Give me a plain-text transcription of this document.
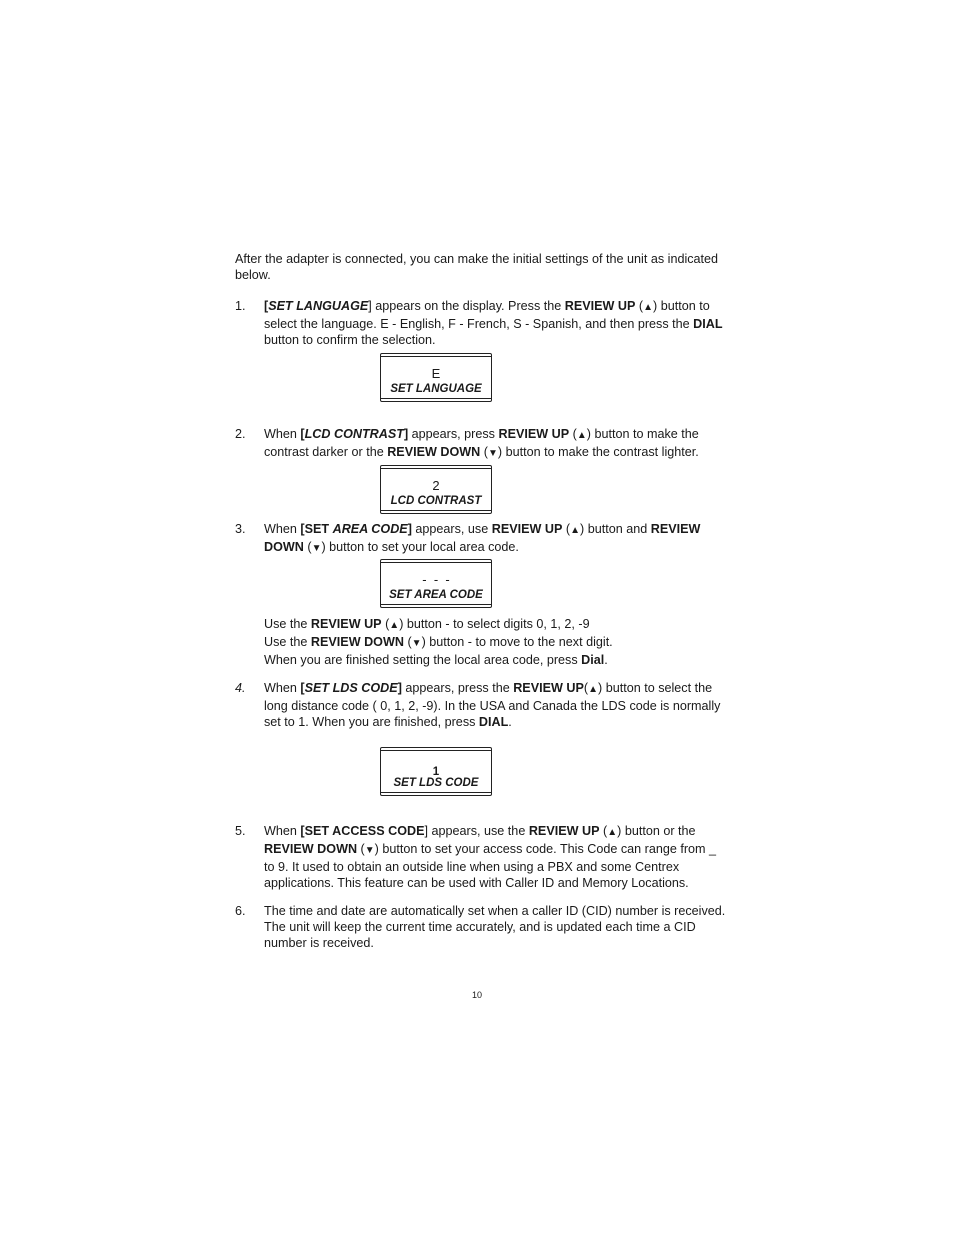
After the adapter is connected, you can make the initial settings of the unit as indicated
below.
1.	[SET LANGUAGE] appears on the display. Press the REVIEW UP (▲) button to
select the language. E - English, F - French, S - Spanish, and then press the DIAL
button to confirm the selection.
E
SET LANGUAGE
2.	When [LCD CONTRAST] appears, press REVIEW UP (▲) button to make the
contrast darker or the REVIEW DOWN (▼) button to make the contrast lighter.
2
LCD CONTRAST
3.	When [SET AREA CODE] appears, use REVIEW UP (▲) button and REVIEW
DOWN (▼) button to set your local area code.
-  -  -
SET AREA CODE
Use the REVIEW UP (▲) button - to select digits 0, 1, 2, -9
Use the REVIEW DOWN (▼) button - to move to the next digit.
When you are finished setting the local area code, press Dial.
4.	When [SET LDS CODE] appears, press the REVIEW UP(▲) button to select the
long distance code ( 0, 1, 2, -9). In the USA and Canada the LDS code is normally
set to 1. When you are finished, press DIAL.
1
SET LDS CODE
5.	When [SET ACCESS CODE] appears, use the REVIEW UP (▲) button or the
REVIEW DOWN (▼) button to set your access code. This Code can range from _
to 9. It used to obtain an outside line when using a PBX and some Centrex
applications. This feature can be used with Caller ID and Memory Locations.
6.	The time and date are automatically set when a caller ID (CID) number is received.
The unit will keep the current time accurately, and is updated each time a CID
number is received.
10
